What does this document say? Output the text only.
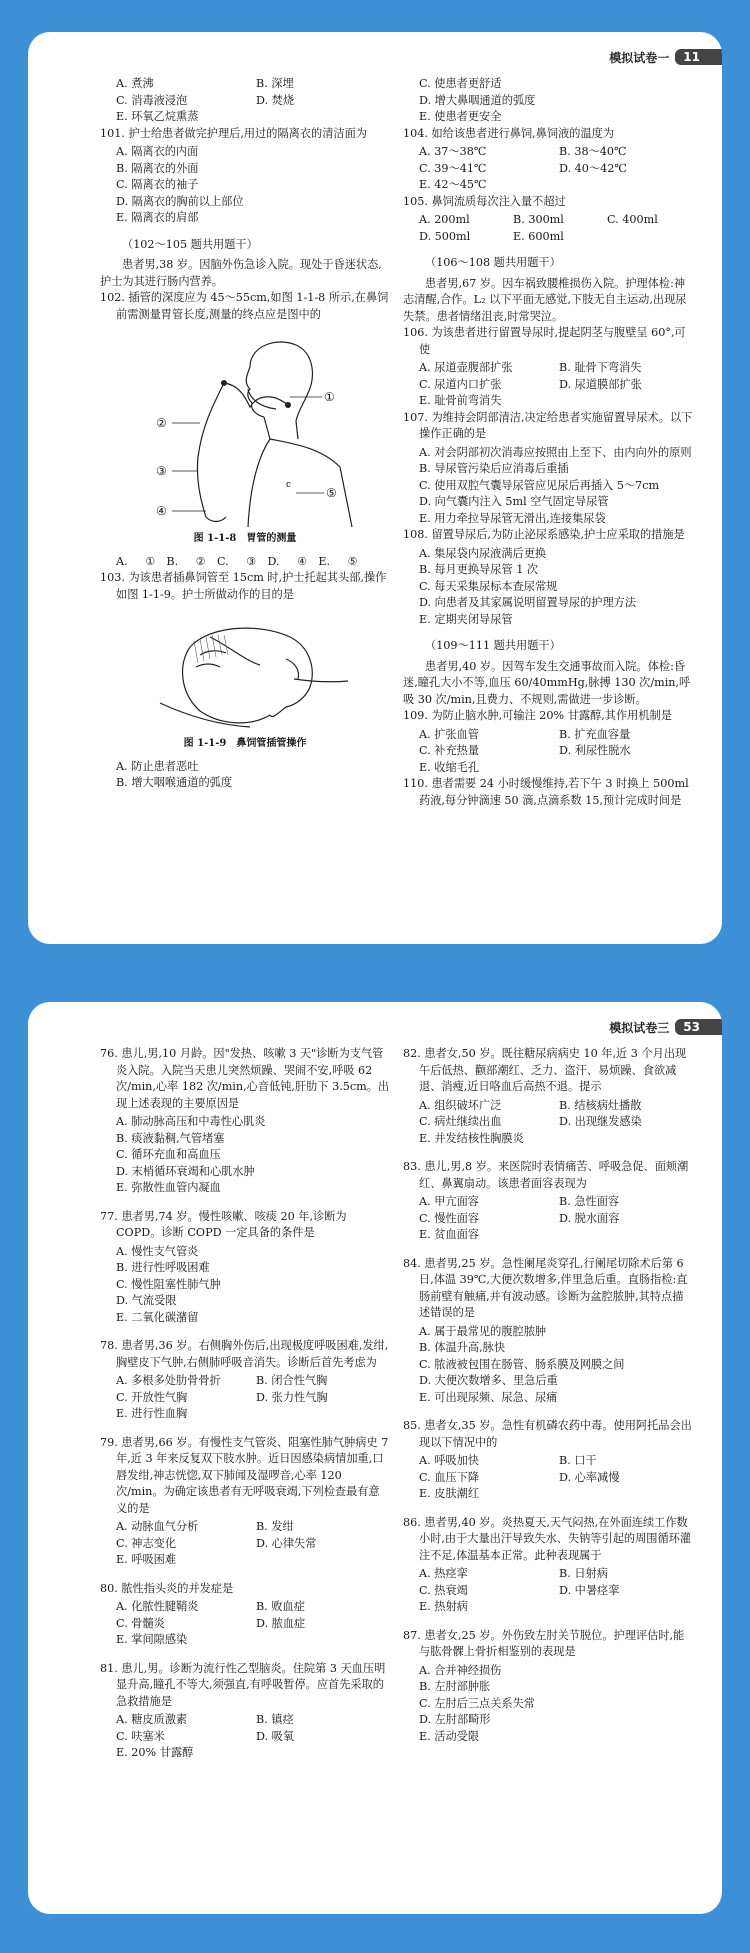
模拟试卷一	11
A. 煮沸	B. 深埋
C. 消毒液浸泡	D. 焚烧
E. 环氧乙烷熏蒸
101. 护士给患者做完护理后,用过的隔离衣的清洁面为
A. 隔离衣的内面
B. 隔离衣的外面
C. 隔离衣的袖子
D. 隔离衣的胸前以上部位
E. 隔离衣的肩部
（102～105 题共用题干）
患者男,38 岁。因脑外伤急诊入院。现处于昏迷状态,护士为其进行肠内营养。
102. 插管的深度应为 45～55cm,如图 1-1-8 所示,在鼻饲前需测量胃管长度,测量的终点应是图中的
①
②
③
④
⑤
c
图 1-1-8　胃管的测量
A. ①　B. ②　C. ③　D. ④　E. ⑤
103. 为该患者插鼻饲管至 15cm 时,护士托起其头部,操作如图 1-1-9。护士所做动作的目的是
图 1-1-9　鼻饲管插管操作
A. 防止患者恶吐
B. 增大咽喉通道的弧度
C. 使患者更舒适
D. 增大鼻咽通道的弧度
E. 使患者更安全
104. 如给该患者进行鼻饲,鼻饲液的温度为
A. 37～38℃	B. 38～40℃
C. 39～41℃	D. 40～42℃
E. 42～45℃
105. 鼻饲流质每次注入量不超过
A. 200ml	B. 300ml	C. 400ml
D. 500ml	E. 600ml
（106～108 题共用题干）
患者男,67 岁。因车祸致腰椎损伤入院。护理体检:神志清醒,合作。L₂ 以下平面无感觉,下肢无自主运动,出现尿失禁。患者情绪沮丧,时常哭泣。
106. 为该患者进行留置导尿时,提起阴茎与腹壁呈 60°,可使
A. 尿道壶腹部扩张	B. 耻骨下弯消失
C. 尿道内口扩张	D. 尿道膜部扩张
E. 耻骨前弯消失
107. 为维持会阴部清洁,决定给患者实施留置导尿术。以下操作正确的是
A. 对会阴部初次消毒应按照由上至下、由内向外的原则
B. 导尿管污染后应消毒后重插
C. 使用双腔气囊导尿管应见尿后再插入 5～7cm
D. 向气囊内注入 5ml 空气固定导尿管
E. 用力牵拉导尿管无滑出,连接集尿袋
108. 留置导尿后,为防止泌尿系感染,护士应采取的措施是
A. 集尿袋内尿液满后更换
B. 每月更换导尿管 1 次
C. 每天采集尿标本查尿常规
D. 向患者及其家属说明留置导尿的护理方法
E. 定期夹闭导尿管
（109～111 题共用题干）
患者男,40 岁。因驾车发生交通事故而入院。体检:昏迷,瞳孔大小不等,血压 60/40mmHg,脉搏 130 次/min,呼吸 30 次/min,且费力、不规则,需做进一步诊断。
109. 为防止脑水肿,可输注 20% 甘露醇,其作用机制是
A. 扩张血管	B. 扩充血容量
C. 补充热量	D. 利尿性脱水
E. 收缩毛孔
110. 患者需要 24 小时缓慢维持,若下午 3 时换上 500ml 药液,每分钟滴速 50 滴,点滴系数 15,预计完成时间是
模拟试卷三	53
76. 患儿,男,10 月龄。因"发热、咳嗽 3 天"诊断为支气管炎入院。入院当天患儿突然烦躁、哭闹不安,呼吸 62 次/min,心率 182 次/min,心音低钝,肝肋下 3.5cm。出现上述表现的主要原因是
A. 肺动脉高压和中毒性心肌炎
B. 痰液黏稠,气管堵塞
C. 循环充血和高血压
D. 末梢循环衰竭和心肌水肿
E. 弥散性血管内凝血
77. 患者男,74 岁。慢性咳嗽、咳痰 20 年,诊断为 COPD。诊断 COPD 一定具备的条件是
A. 慢性支气管炎
B. 进行性呼吸困难
C. 慢性阻塞性肺气肿
D. 气流受限
E. 二氧化碳潴留
78. 患者男,36 岁。右侧胸外伤后,出现极度呼吸困难,发绀,胸壁皮下气肿,右侧肺呼吸音消失。诊断后首先考虑为
A. 多根多处肋骨骨折	B. 闭合性气胸
C. 开放性气胸	D. 张力性气胸
E. 进行性血胸
79. 患者男,66 岁。有慢性支气管炎、阻塞性肺气肿病史 7 年,近 3 年来反复双下肢水肿。近日因感染病情加重,口唇发绀,神志恍惚,双下肺闻及湿啰音,心率 120 次/min。为确定该患者有无呼吸衰竭,下列检查最有意义的是
A. 动脉血气分析	B. 发绀
C. 神志变化	D. 心律失常
E. 呼吸困难
80. 脓性指头炎的并发症是
A. 化脓性腱鞘炎	B. 败血症
C. 骨髓炎	D. 脓血症
E. 掌间隙感染
81. 患儿,男。诊断为流行性乙型脑炎。住院第 3 天血压明显升高,瞳孔不等大,须强直,有呼吸暂停。应首先采取的急救措施是
A. 糖皮质激素	B. 镇痉
C. 呋塞米	D. 吸氧
E. 20% 甘露醇
82. 患者女,50 岁。既往糖尿病病史 10 年,近 3 个月出现午后低热、颧部潮红、乏力、盗汗、易烦躁、食欲减退、消瘦,近日咯血后高热不退。提示
A. 组织破坏广泛	B. 结核病灶播散
C. 病灶继续出血	D. 出现继发感染
E. 并发结核性胸膜炎
83. 患儿,男,8 岁。来医院时表情痛苦、呼吸急促、面颊潮红、鼻翼扇动。该患者面容表现为
A. 甲亢面容	B. 急性面容
C. 慢性面容	D. 脱水面容
E. 贫血面容
84. 患者男,25 岁。急性阑尾炎穿孔,行阑尾切除术后第 6 日,体温 39℃,大便次数增多,伴里急后重。直肠指检:直肠前壁有触痛,并有波动感。诊断为盆腔脓肿,其特点描述错误的是
A. 属于最常见的腹腔脓肿
B. 体温升高,脉快
C. 脓液被包围在肠管、肠系膜及网膜之间
D. 大便次数增多、里急后重
E. 可出现尿频、尿急、尿痛
85. 患者女,35 岁。急性有机磷农药中毒。使用阿托品会出现以下情况中的
A. 呼吸加快	B. 口干
C. 血压下降	D. 心率减慢
E. 皮肤潮红
86. 患者男,40 岁。炎热夏天,天气闷热,在外面连续工作数小时,由于大量出汗导致失水、失钠等引起的周围循环灌注不足,体温基本正常。此种表现属于
A. 热痉挛	B. 日射病
C. 热衰竭	D. 中暑痉挛
E. 热射病
87. 患者女,25 岁。外伤致左肘关节脱位。护理评估时,能与肱骨髁上骨折相鉴别的表现是
A. 合并神经损伤
B. 左肘部肿胀
C. 左肘后三点关系失常
D. 左肘部畸形
E. 活动受限
